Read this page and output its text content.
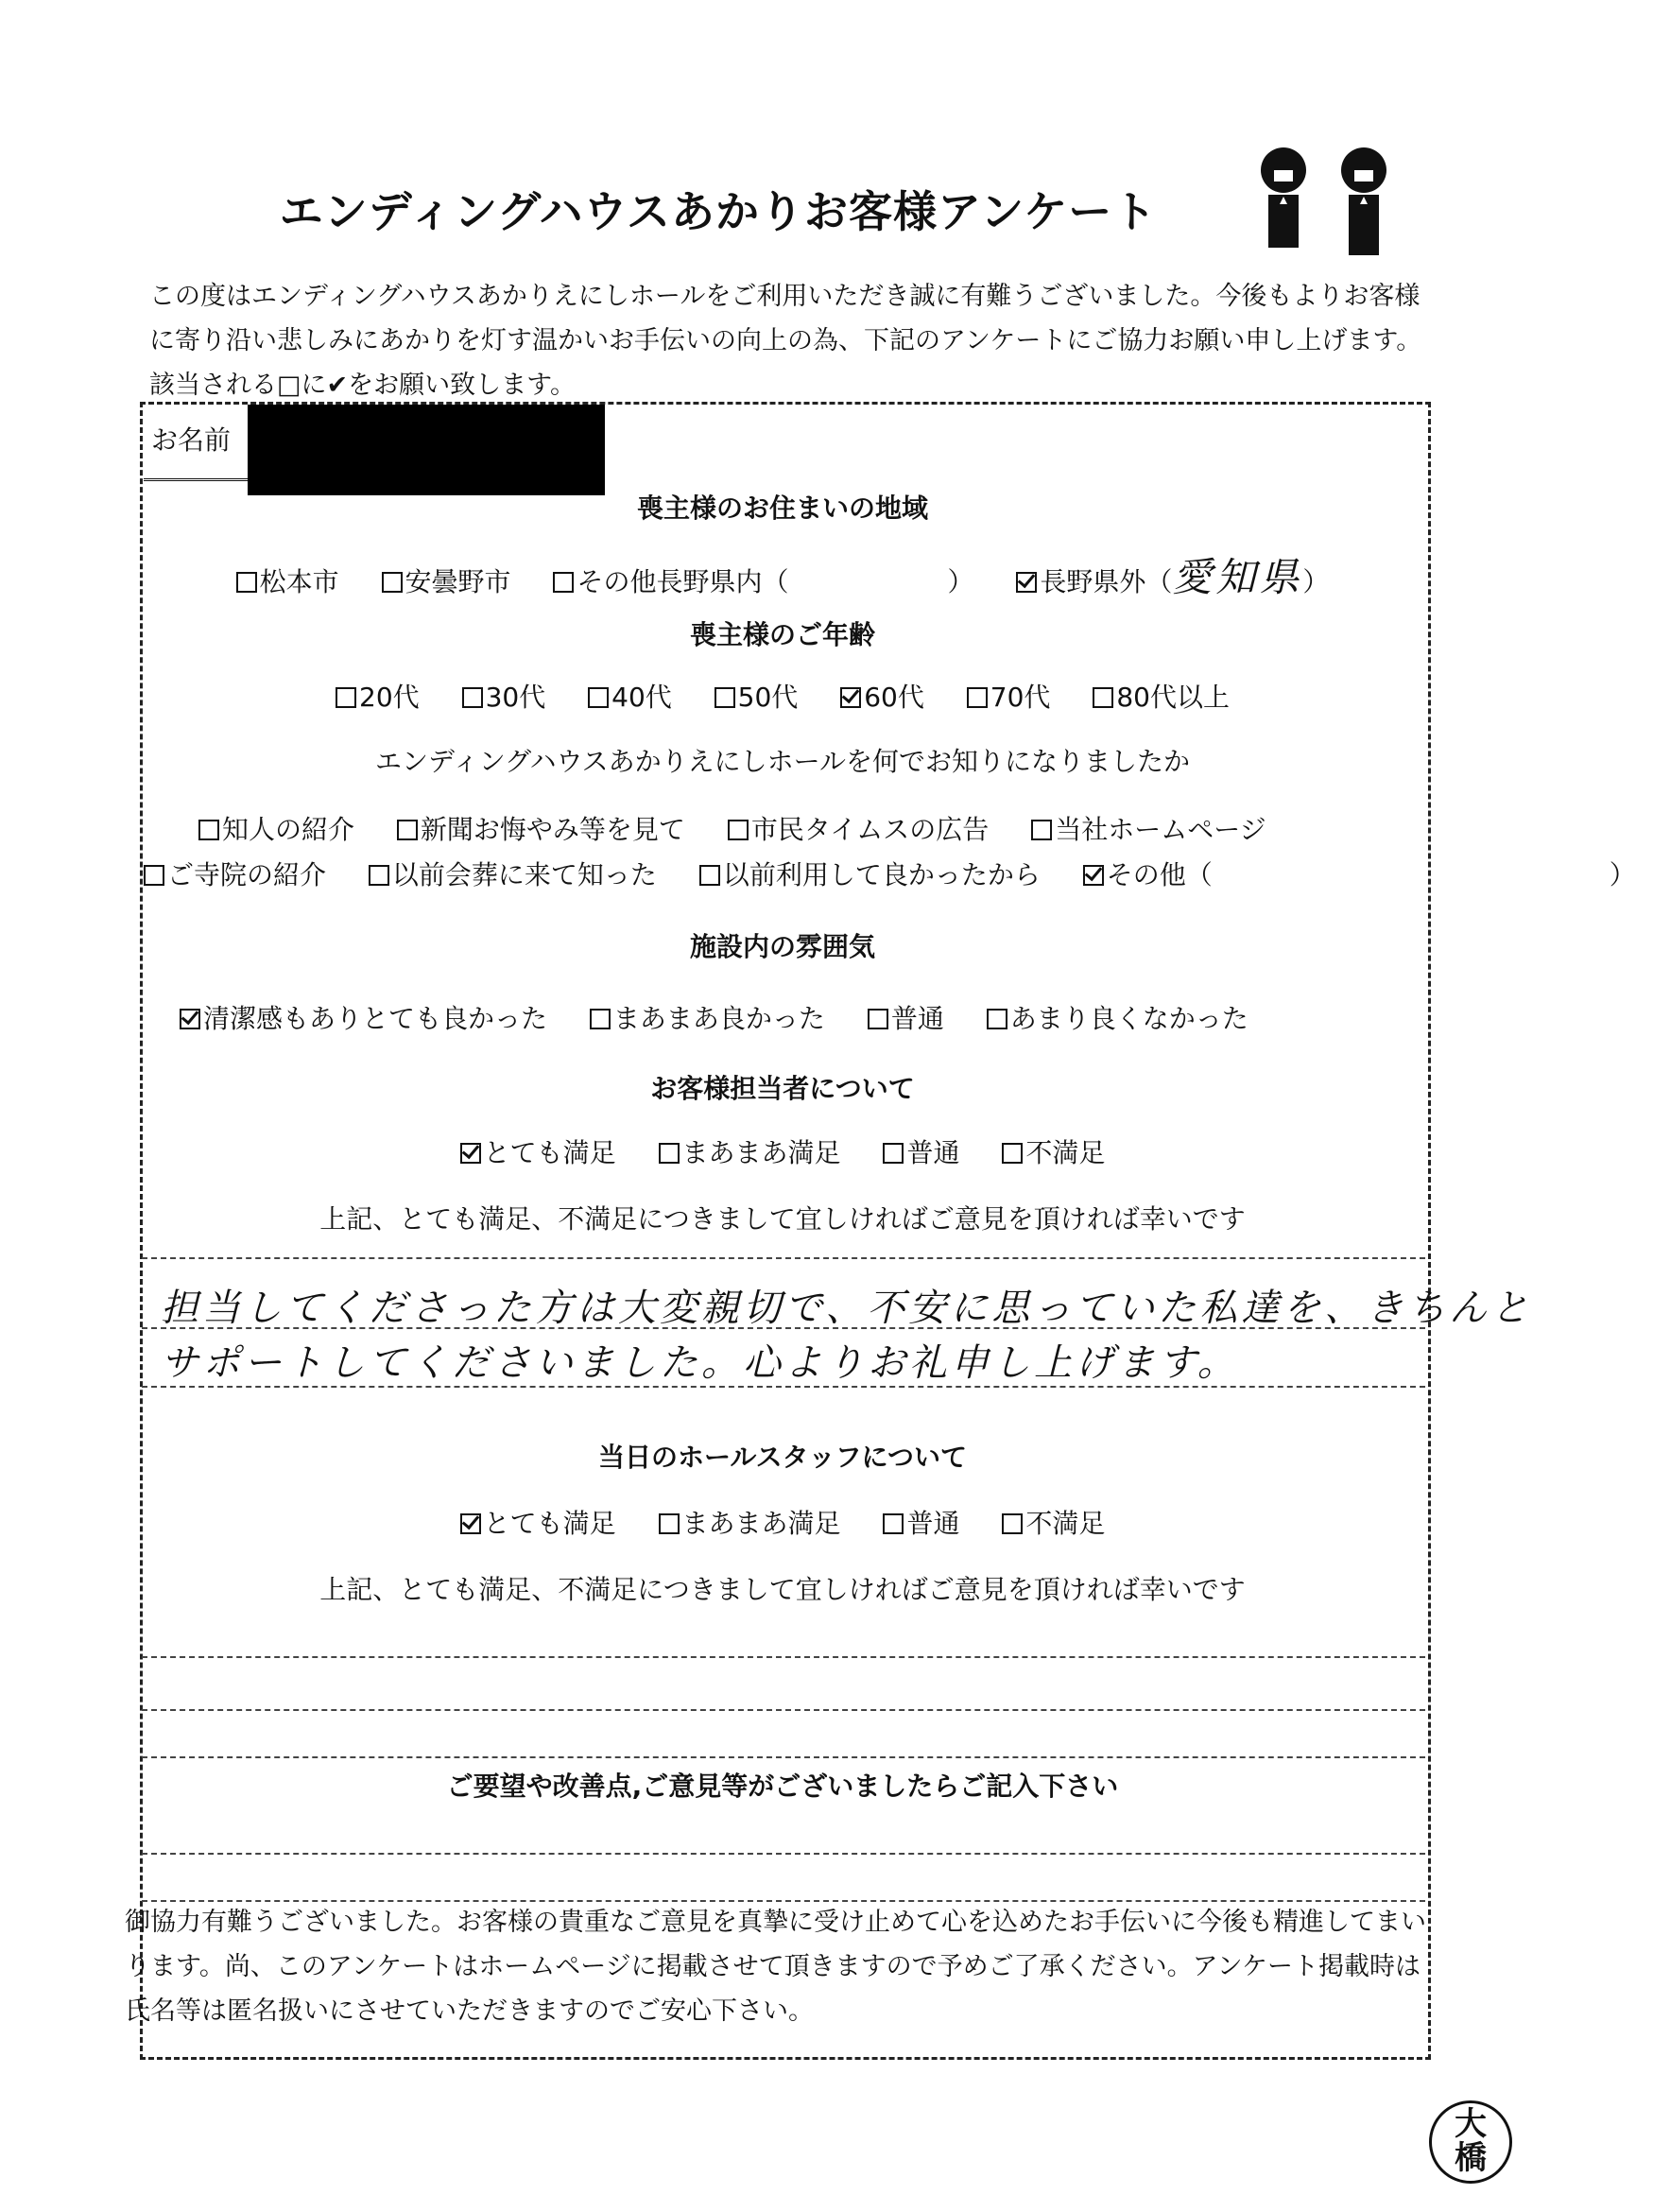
エンディングハウスあかりお客様アンケート
この度はエンディングハウスあかりえにしホールをご利用いただき誠に有難うございました。今後もよりお客様に寄り沿い悲しみにあかりを灯す温かいお手伝いの向上の為、下記のアンケートにご協力お願い申し上げます。該当される□に✔をお願い致します。
お名前
喪主様のお住まいの地域
松本市 安曇野市 その他長野県内（　　　　　　） 長野県外（愛知県）
喪主様のご年齢
20代 30代 40代 50代 60代 70代 80代以上
エンディングハウスあかりえにしホールを何でお知りになりましたか
知人の紹介 新聞お悔やみ等を見て 市民タイムスの広告 当社ホームページ
ご寺院の紹介 以前会葬に来て知った 以前利用して良かったから その他（　　　　　　　　　　　　　　　）
施設内の雰囲気
清潔感もありとても良かった まあまあ良かった 普通 あまり良くなかった
お客様担当者について
とても満足 まあまあ満足 普通 不満足
上記、とても満足、不満足につきまして宜しければご意見を頂ければ幸いです
担当してくださった方は大変親切で、不安に思っていた私達を、きちんと
サポートしてくださいました。心よりお礼申し上げます。
当日のホールスタッフについて
とても満足 まあまあ満足 普通 不満足
上記、とても満足、不満足につきまして宜しければご意見を頂ければ幸いです
ご要望や改善点,ご意見等がございましたらご記入下さい
御協力有難うございました。お客様の貴重なご意見を真摯に受け止めて心を込めたお手伝いに今後も精進してまいります。尚、このアンケートはホームページに掲載させて頂きますので予めご了承ください。アンケート掲載時は氏名等は匿名扱いにさせていただきますのでご安心下さい。
大橋
